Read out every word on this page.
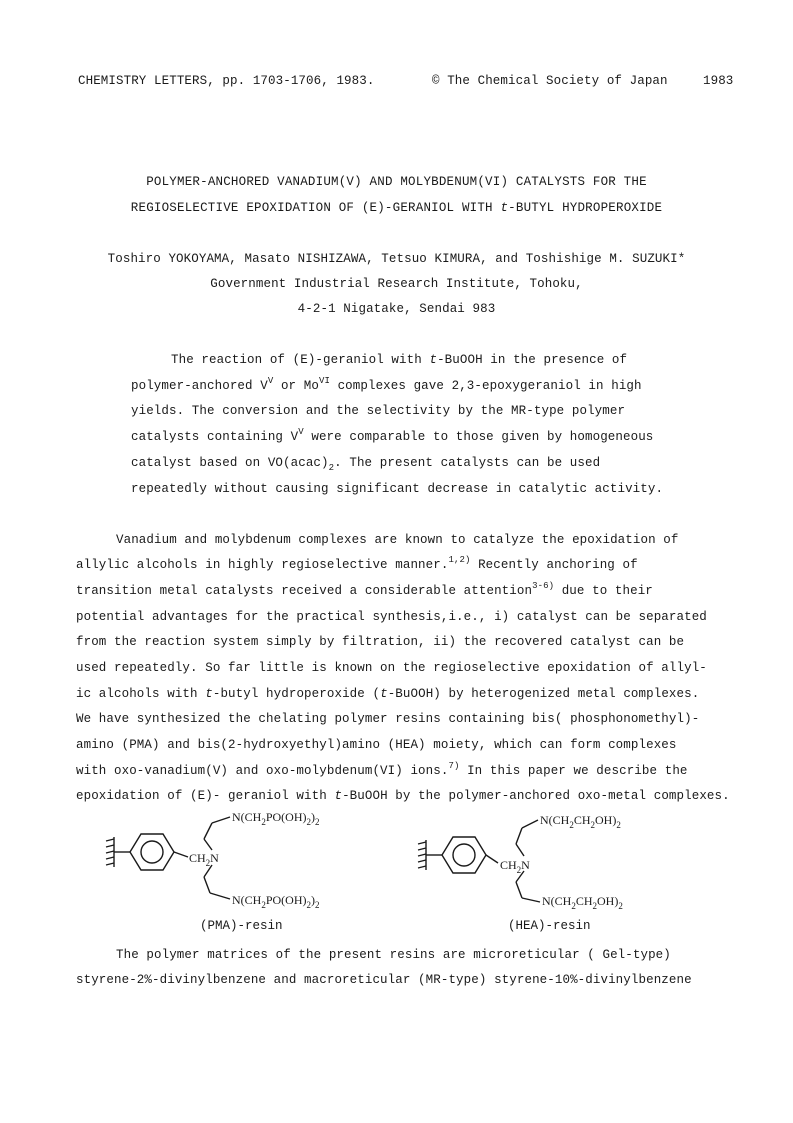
CHEMISTRY LETTERS, pp. 1703-1706, 1983.	© The Chemical Society of Japan	1983
POLYMER-ANCHORED VANADIUM(V) AND MOLYBDENUM(VI) CATALYSTS FOR THE
REGIOSELECTIVE EPOXIDATION OF (E)-GERANIOL WITH t-BUTYL HYDROPEROXIDE
Toshiro YOKOYAMA, Masato NISHIZAWA, Tetsuo KIMURA, and Toshishige M. SUZUKI*
Government Industrial Research Institute, Tohoku,
4-2-1 Nigatake, Sendai 983
The reaction of (E)-geraniol with t-BuOOH in the presence of
polymer-anchored $V^V$ or $Mo^{VI}$ complexes gave 2,3-epoxygeraniol in high
yields. The conversion and the selectivity by the MR-type polymer
catalysts containing $V^V$ were comparable to those given by homogeneous
catalyst based on $VO(acac)_2$. The present catalysts can be used
repeatedly without causing significant decrease in catalytic activity.
Vanadium and molybdenum complexes are known to catalyze the epoxidation of
allylic alcohols in highly regioselective manner.$^{1,2)}$ Recently anchoring of
transition metal catalysts received a considerable attention$^{3-6)}$ due to their
potential advantages for the practical synthesis,i.e., i) catalyst can be separated
from the reaction system simply by filtration, ii) the recovered catalyst can be
used repeatedly. So far little is known on the regioselective epoxidation of allyl-
ic alcohols with t-butyl hydroperoxide (t-BuOOH) by heterogenized metal complexes.
We have synthesized the chelating polymer resins containing bis( phosphonomethyl)-
amino (PMA) and bis(2-hydroxyethyl)amino (HEA) moiety, which can form complexes
with oxo-vanadium(V) and oxo-molybdenum(VI) ions.$^{7)}$ In this paper we describe the
epoxidation of (E)- geraniol with t-BuOOH by the polymer-anchored oxo-metal complexes.
$N(CH_2PO(OH)_2)_2$
$CH_2N$
$N(CH_2PO(OH)_2)_2$
(PMA)-resin
$N(CH_2CH_2OH)_2$
$CH_2N$
$N(CH_2CH_2OH)_2$
(HEA)-resin
The polymer matrices of the present resins are microreticular ( Gel-type)
styrene-2%-divinylbenzene and macroreticular (MR-type) styrene-10%-divinylbenzene
